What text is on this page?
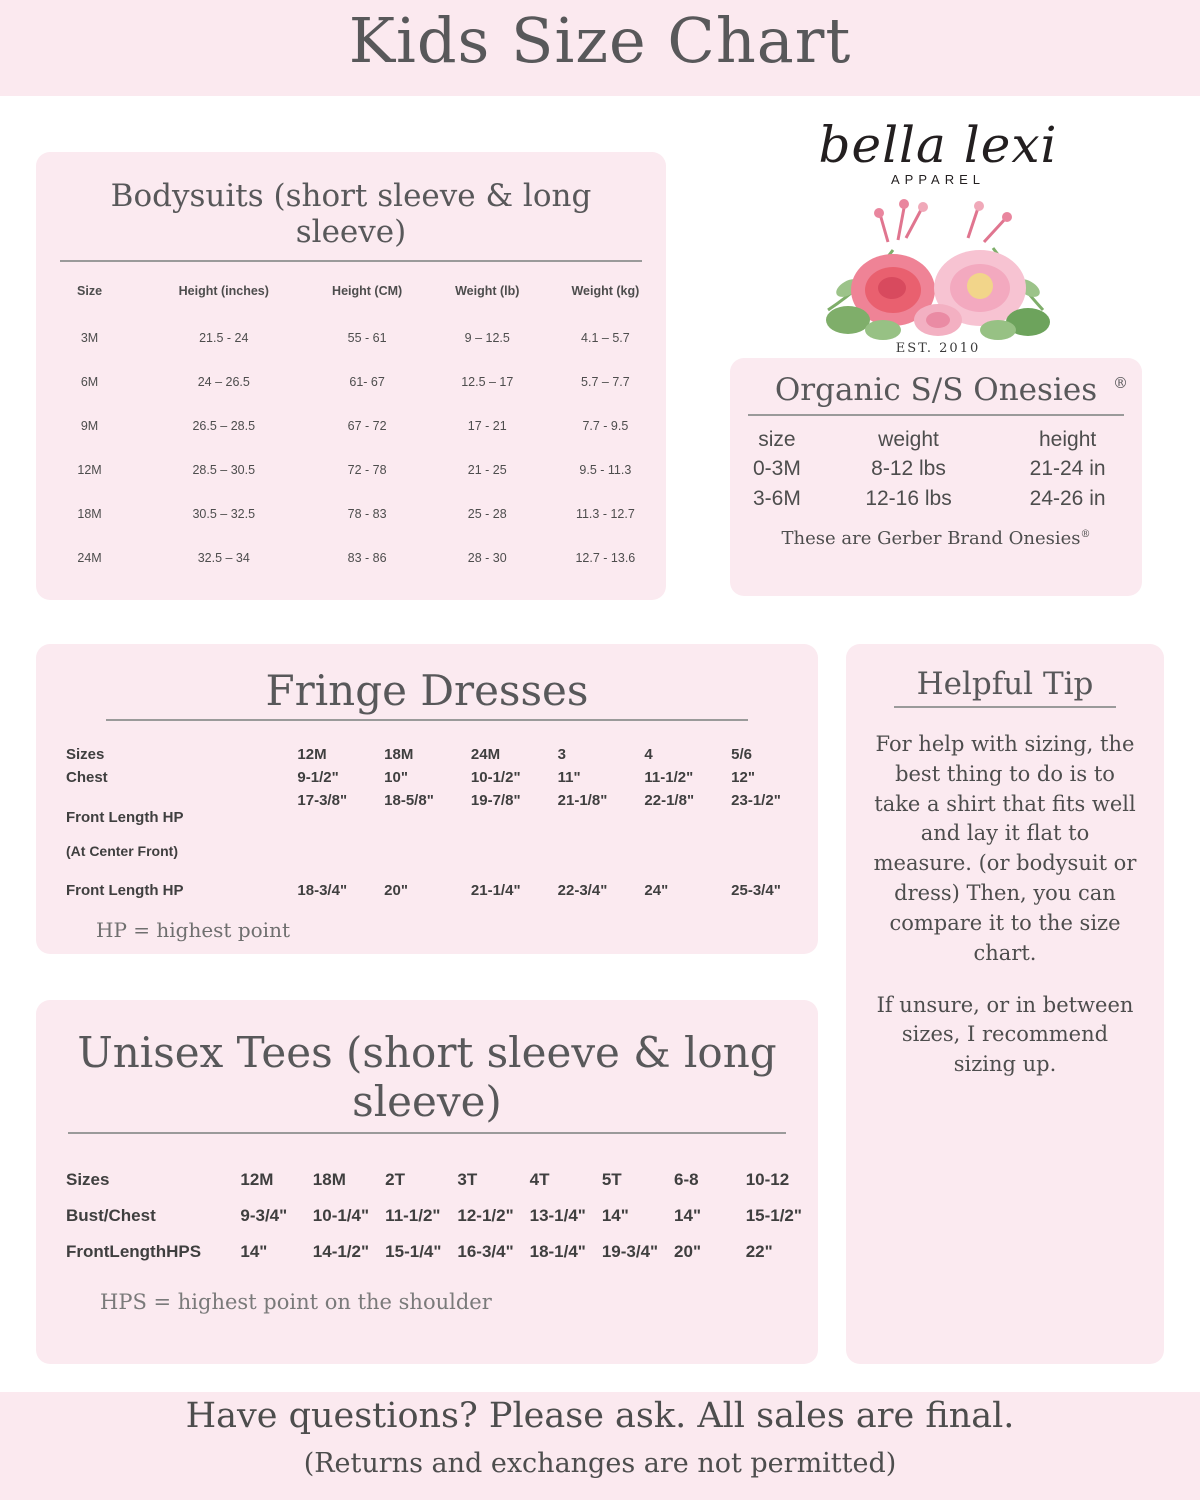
Kids Size Chart
Bodysuits (short sleeve & long sleeve)
Size	Height (inches)	Height (CM)	Weight (lb)	Weight (kg)
3M	21.5 - 24	55 - 61	9 – 12.5	4.1 – 5.7
6M	24 – 26.5	61- 67	12.5 – 17	5.7 – 7.7
9M	26.5 – 28.5	67 - 72	17 - 21	7.7 - 9.5
12M	28.5 – 30.5	72 - 78	21 - 25	9.5 - 11.3
18M	30.5 – 32.5	78 - 83	25 - 28	11.3 - 12.7
24M	32.5 – 34	83 - 86	28 - 30	12.7 - 13.6
bella lexi
APPAREL
EST. 2010
Organic S/S Onesies ®
size	weight	height
0-3M	8-12 lbs	21-24 in
3-6M	12-16 lbs	24-26 in
These are Gerber Brand Onesies®
Fringe Dresses
Sizes	12M	18M	24M	3	4	5/6
Chest	9-1/2"	10"	10-1/2"	11"	11-1/2"	12"

Front Length HP

(At Center Front)	17-3/8"	18-5/8"	19-7/8"	21-1/8"	22-1/8"	23-1/2"
Front Length HP	18-3/4"	20"	21-1/4"	22-3/4"	24"	25-3/4"
HP = highest point
Helpful Tip

For help with sizing, the best thing to do is to take a shirt that fits well and lay it flat to measure. (or bodysuit or dress) Then, you can compare it to the size chart.

If unsure, or in between sizes, I recommend sizing up.

Unisex Tees (short sleeve & long sleeve)
Sizes	12M	18M	2T	3T	4T	5T	6-8	10-12
Bust/Chest	9-3/4"	10-1/4"	11-1/2"	12-1/2"	13-1/4"	14"	14"	15-1/2"
FrontLengthHPS	14"	14-1/2"	15-1/4"	16-3/4"	18-1/4"	19-3/4"	20"	22"
HPS = highest point on the shoulder
Have questions? Please ask. All sales are final.
(Returns and exchanges are not permitted)
